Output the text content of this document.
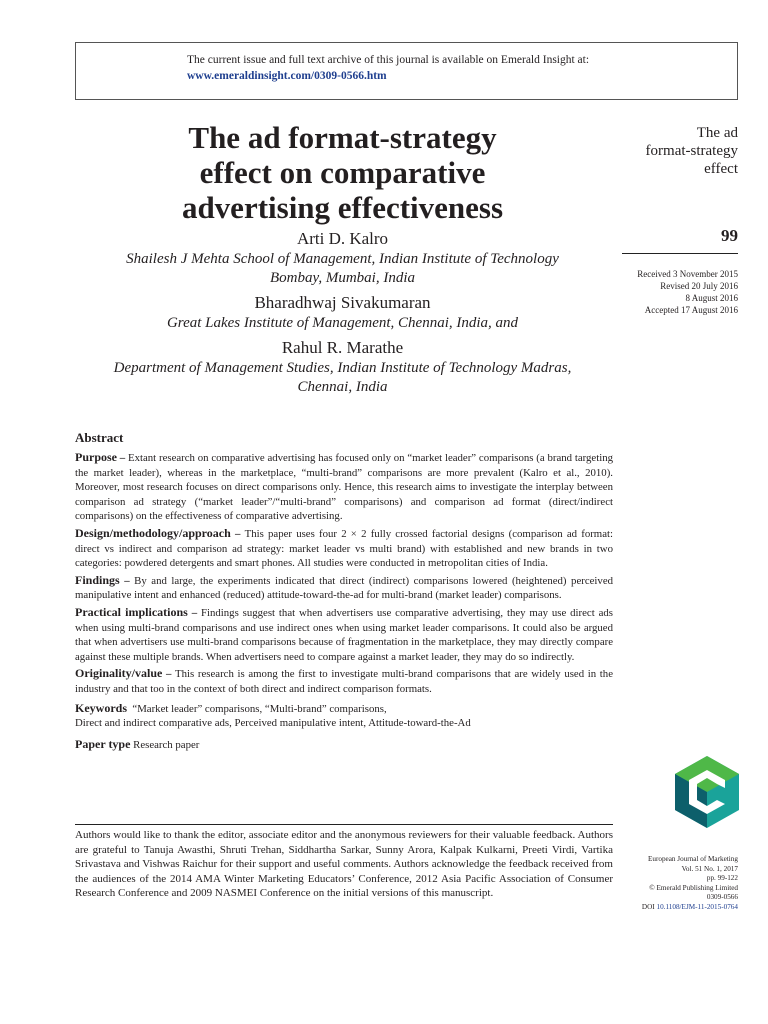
The current issue and full text archive of this journal is available on Emerald Insight at:
www.emeraldinsight.com/0309-0566.htm
The ad format-strategy
effect on comparative
advertising effectiveness
Arti D. Kalro
Shailesh J Mehta School of Management, Indian Institute of Technology
Bombay, Mumbai, India
Bharadhwaj Sivakumaran
Great Lakes Institute of Management, Chennai, India, and
Rahul R. Marathe
Department of Management Studies, Indian Institute of Technology Madras,
Chennai, India
The ad
format-strategy
effect
99
Received 3 November 2015
Revised 20 July 2016
8 August 2016
Accepted 17 August 2016
Abstract

Purpose – Extant research on comparative advertising has focused only on “market leader” comparisons (a brand targeting the market leader), whereas in the marketplace, “multi-brand” comparisons are more prevalent (Kalro et al., 2010). Moreover, most research focuses on direct comparisons only. Hence, this research aims to investigate the interplay between comparison ad strategy (“market leader”/“multi-brand” comparisons) and comparison ad format (direct/indirect comparisons) on the effectiveness of comparative advertising.

Design/methodology/approach – This paper uses four 2 × 2 fully crossed factorial designs (comparison ad format: direct vs indirect and comparison ad strategy: market leader vs multi brand) with established and new brands in two categories: powdered detergents and smart phones. All studies were conducted in metropolitan cities of India.

Findings – By and large, the experiments indicated that direct (indirect) comparisons lowered (heightened) perceived manipulative intent and enhanced (reduced) attitude-toward-the-ad for multi-brand (market leader) comparisons.

Practical implications – Findings suggest that when advertisers use comparative advertising, they may use direct ads when using multi-brand comparisons and use indirect ones when using market leader comparisons. It could also be argued that when advertisers use multi-brand comparisons because of fragmentation in the marketplace, they may directly compare against these multiple brands. When advertisers need to compare against a market leader, they may do so indirectly.

Originality/value – This research is among the first to investigate multi-brand comparisons that are widely used in the industry and that too in the context of both direct and indirect comparison formats.

Keywords “Market leader” comparisons, “Multi-brand” comparisons,
Direct and indirect comparative ads, Perceived manipulative intent, Attitude-toward-the-Ad

Paper type Research paper

Authors would like to thank the editor, associate editor and the anonymous reviewers for their valuable feedback. Authors are grateful to Tanuja Awasthi, Shruti Trehan, Siddhartha Sarkar, Sunny Arora, Kalpak Kulkarni, Preeti Virdi, Vartika Srivastava and Vishwas Raichur for their support and useful comments. Authors acknowledge the feedback received from the audiences of the 2014 AMA Winter Marketing Educators’ Conference, 2012 Asia Pacific Association of Consumer Research Conference and 2009 NASMEI Conference on the initial versions of this manuscript.
European Journal of Marketing
Vol. 51 No. 1, 2017
pp. 99-122
© Emerald Publishing Limited
0309-0566
DOI 10.1108/EJM-11-2015-0764
